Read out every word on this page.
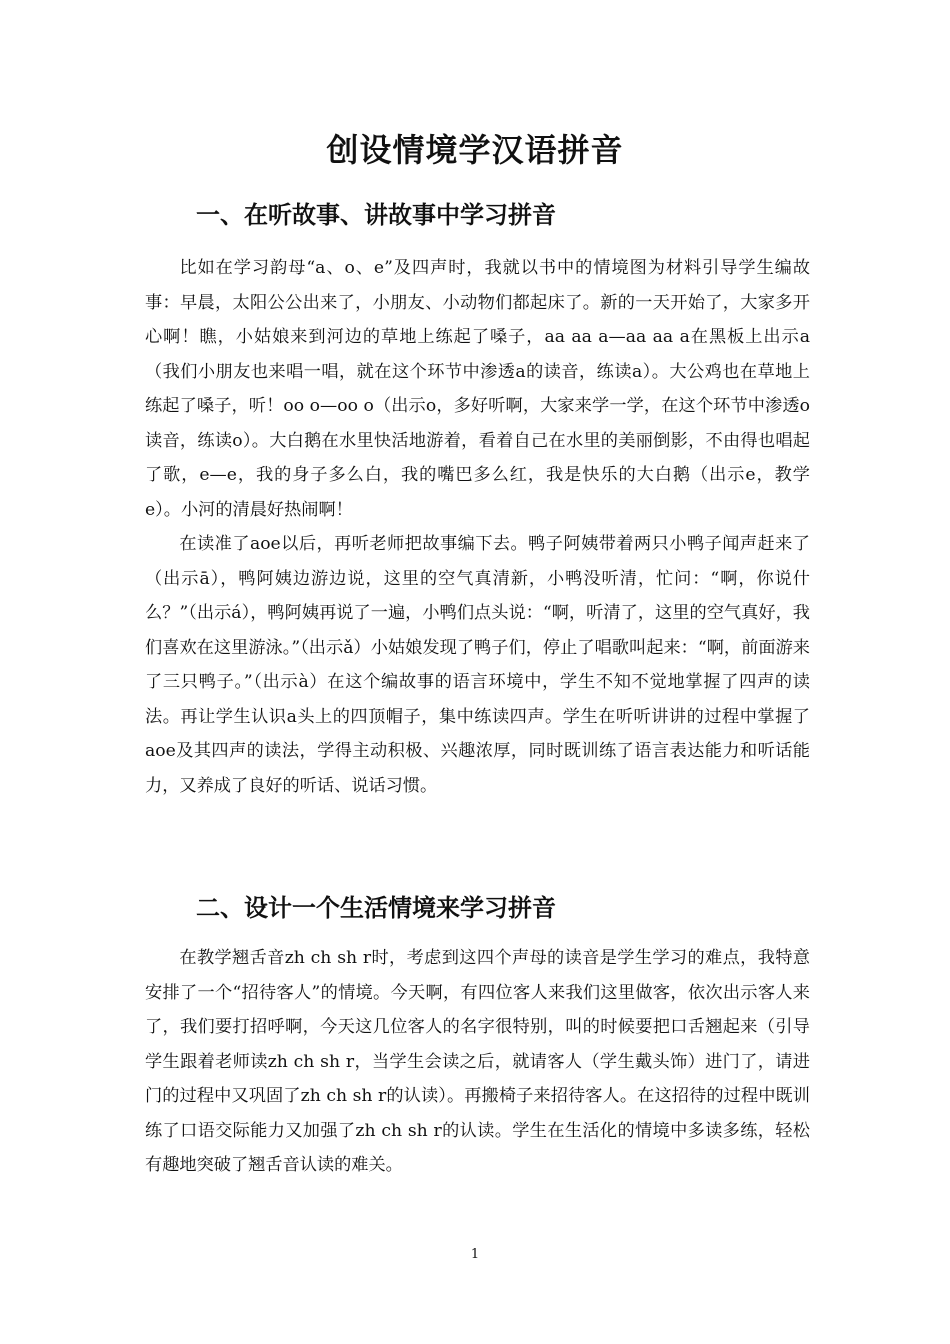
创设情境学汉语拼音
一、在听故事、讲故事中学习拼音

比如在学习韵母“a、o、e”及四声时，我就以书中的情境图为材料引导学生编故事：早晨，太阳公公出来了，小朋友、小动物们都起床了。新的一天开始了，大家多开心啊！瞧，小姑娘来到河边的草地上练起了嗓子，aa aa a—aa aa a在黑板上出示a（我们小朋友也来唱一唱，就在这个环节中渗透a的读音，练读a）。大公鸡也在草地上练起了嗓子，听！oo o—oo o（出示o，多好听啊，大家来学一学，在这个环节中渗透o读音，练读o）。大白鹅在水里快活地游着，看着自己在水里的美丽倒影，不由得也唱起了歌，e—e，我的身子多么白，我的嘴巴多么红，我是快乐的大白鹅（出示e，教学e）。小河的清晨好热闹啊！

在读准了aoe以后，再听老师把故事编下去。鸭子阿姨带着两只小鸭子闻声赶来了（出示ā），鸭阿姨边游边说，这里的空气真清新，小鸭没听清，忙问：“啊，你说什么？”（出示á），鸭阿姨再说了一遍，小鸭们点头说：“啊，听清了，这里的空气真好，我们喜欢在这里游泳。”（出示ǎ）小姑娘发现了鸭子们，停止了唱歌叫起来：“啊，前面游来了三只鸭子。”（出示à）在这个编故事的语言环境中，学生不知不觉地掌握了四声的读法。再让学生认识a头上的四顶帽子，集中练读四声。学生在听听讲讲的过程中掌握了aoe及其四声的读法，学得主动积极、兴趣浓厚，同时既训练了语言表达能力和听话能力，又养成了良好的听话、说话习惯。

二、设计一个生活情境来学习拼音

在教学翘舌音zh ch sh r时，考虑到这四个声母的读音是学生学习的难点，我特意安排了一个“招待客人”的情境。今天啊，有四位客人来我们这里做客，依次出示客人来了，我们要打招呼啊，今天这几位客人的名字很特别，叫的时候要把口舌翘起来（引导学生跟着老师读zh ch sh r，当学生会读之后，就请客人（学生戴头饰）进门了，请进门的过程中又巩固了zh ch sh r的认读）。再搬椅子来招待客人。在这招待的过程中既训练了口语交际能力又加强了zh ch sh r的认读。学生在生活化的情境中多读多练，轻松有趣地突破了翘舌音认读的难关。

1
